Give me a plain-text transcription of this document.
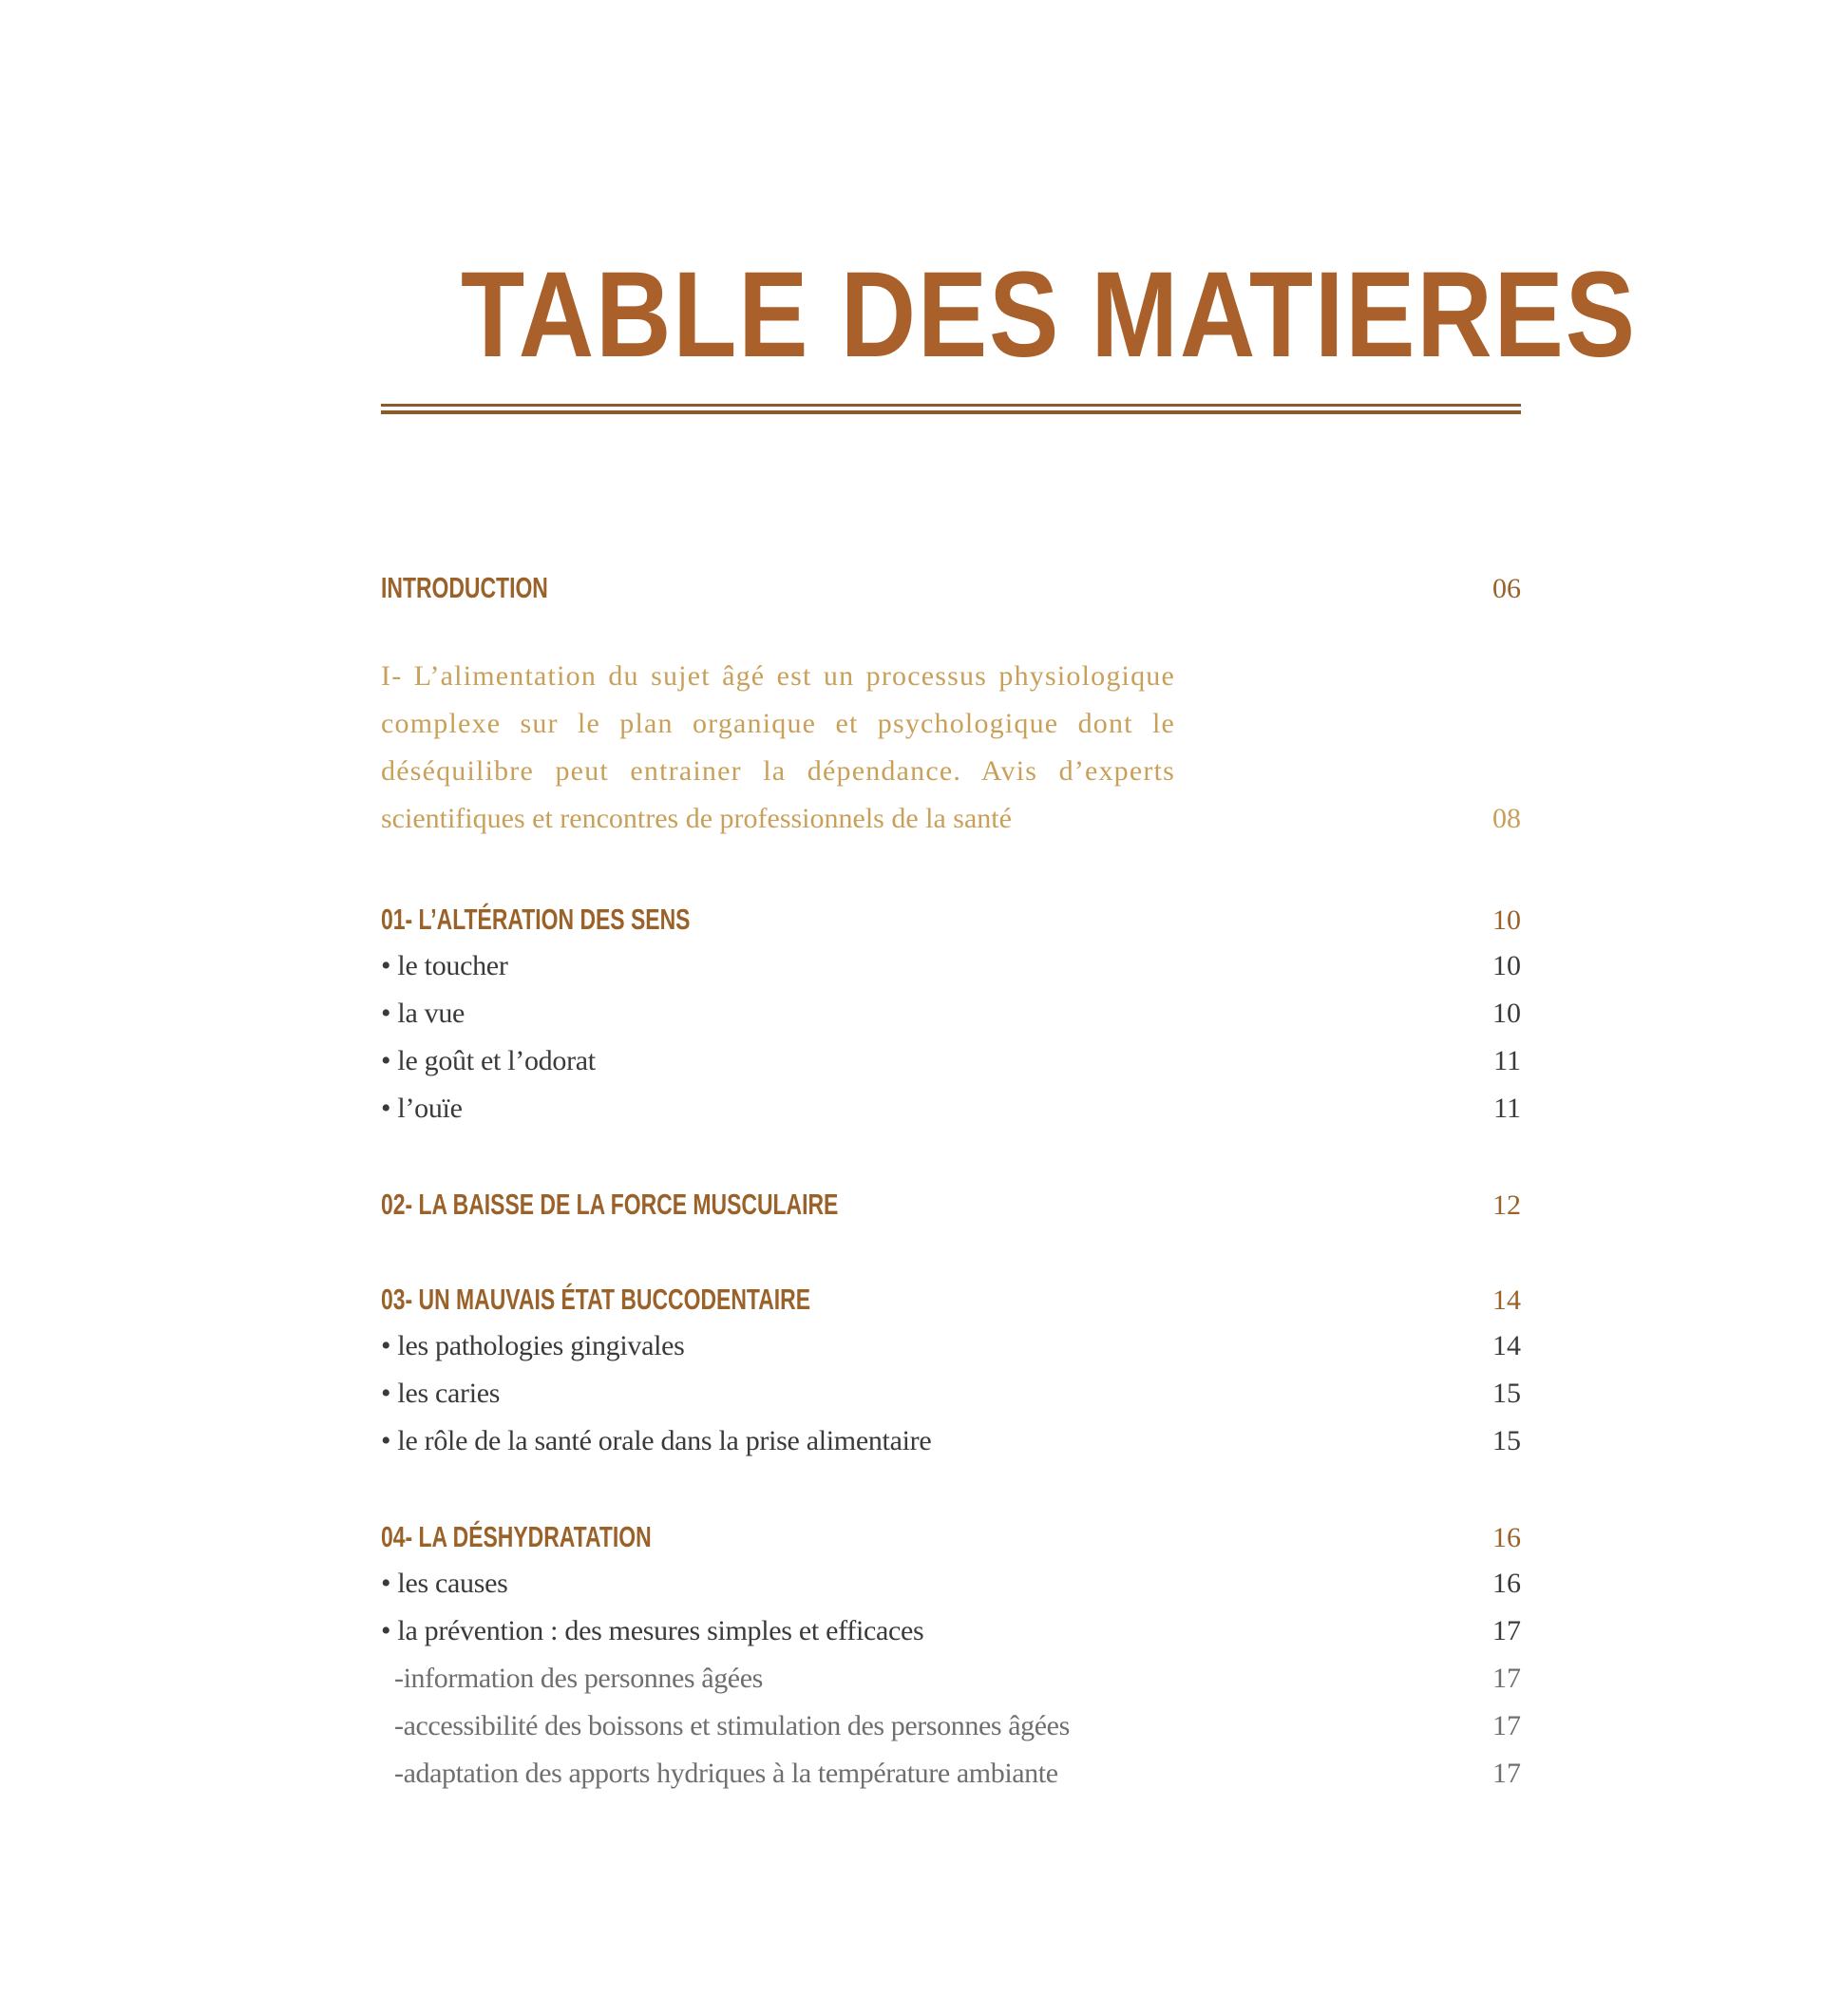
TABLE DES MATIERES
INTRODUCTION	06
I- L’alimentation du sujet âgé est un processus physiologique
complexe sur le plan organique et psychologique dont le
déséquilibre peut entrainer la dépendance. Avis d’experts
scientifiques et rencontres de professionnels de la santé	08
01- L’ALTÉRATION DES SENS	10
• le toucher	10
• la vue	10
• le goût et l’odorat	11
• l’ouïe	11
02- LA BAISSE DE LA FORCE MUSCULAIRE	12
03- UN MAUVAIS ÉTAT BUCCODENTAIRE	14
• les pathologies gingivales	14
• les caries	15
• le rôle de la santé orale dans la prise alimentaire	15
04- LA DÉSHYDRATATION	16
• les causes	16
• la prévention : des mesures simples et efficaces	17
-information des personnes âgées	17
-accessibilité des boissons et stimulation des personnes âgées	17
-adaptation des apports hydriques à la température ambiante	17
